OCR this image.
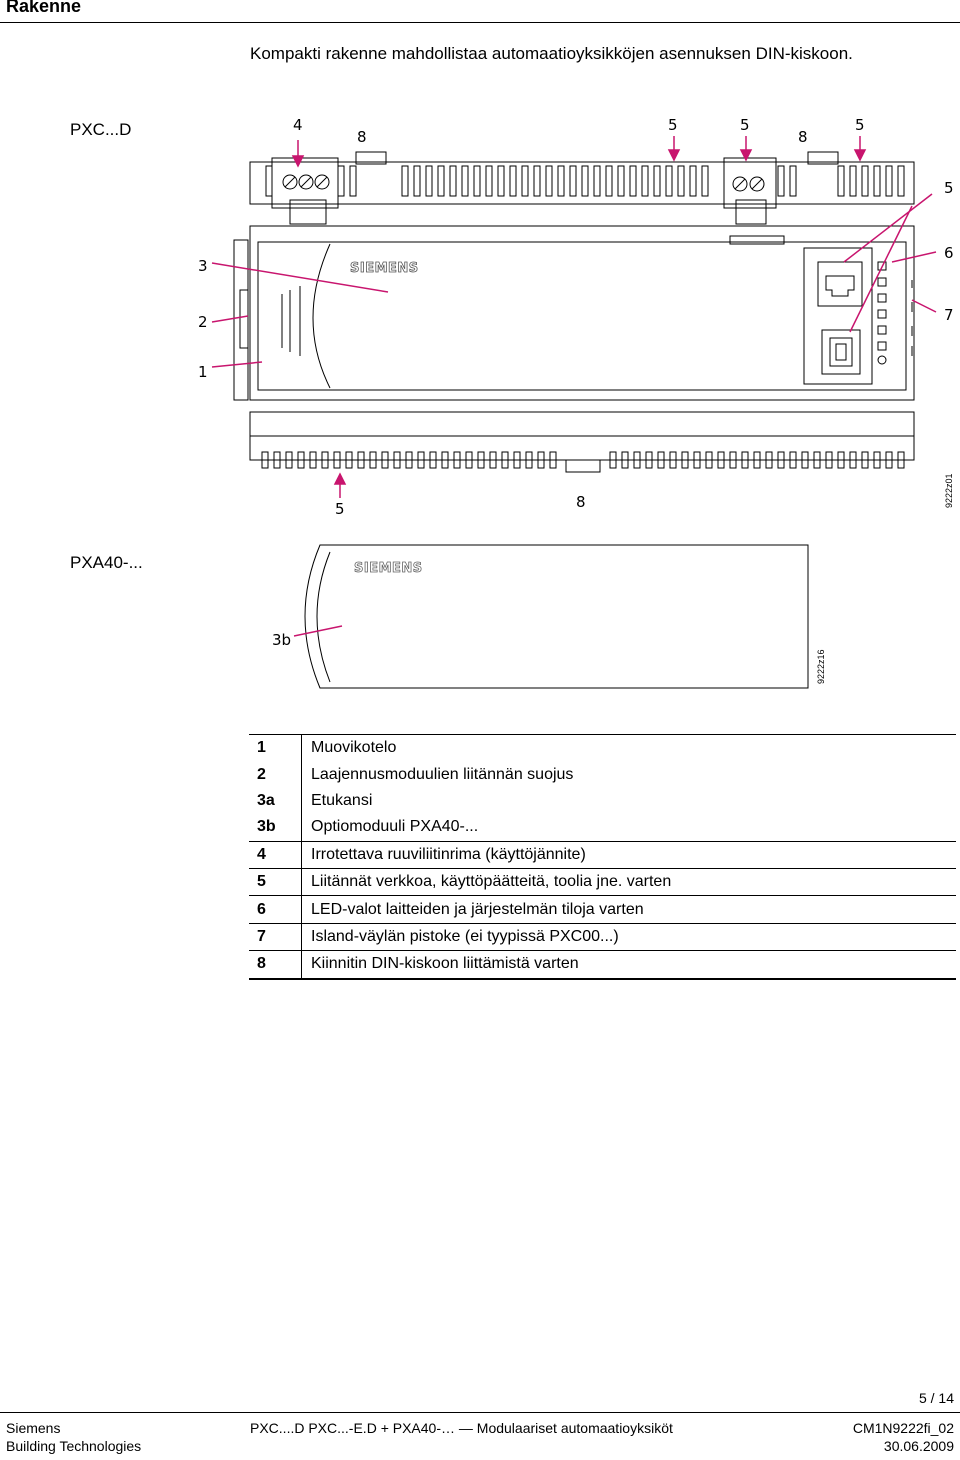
Rakenne
Kompakti rakenne mahdollistaa automaatioyksikköjen asennuksen DIN-kiskoon.
PXC...D
SIEMENS
4
8
5	5
8
5
5
3
2
1
6
7
5	8	9222z01
PXA40-...	SIEMENS
3b
9222z16
1	Muovikotelo
2	Laajennusmoduulien liitännän suojus
3a	Etukansi
3b	Optiomoduuli PXA40-...
4	Irrotettava ruuviliitinrima (käyttöjännite)
5	Liitännät verkkoa, käyttöpäätteitä, toolia jne. varten
6	LED-valot laitteiden ja järjestelmän tiloja varten
7	Island-väylän pistoke (ei tyypissä PXC00...)
8	Kiinnitin DIN-kiskoon liittämistä varten
5 / 14
Siemens
Building Technologies
PXC....D PXC...-E.D + PXA40-… — Modulaariset automaatioyksiköt	CM1N9222fi_02
30.06.2009
